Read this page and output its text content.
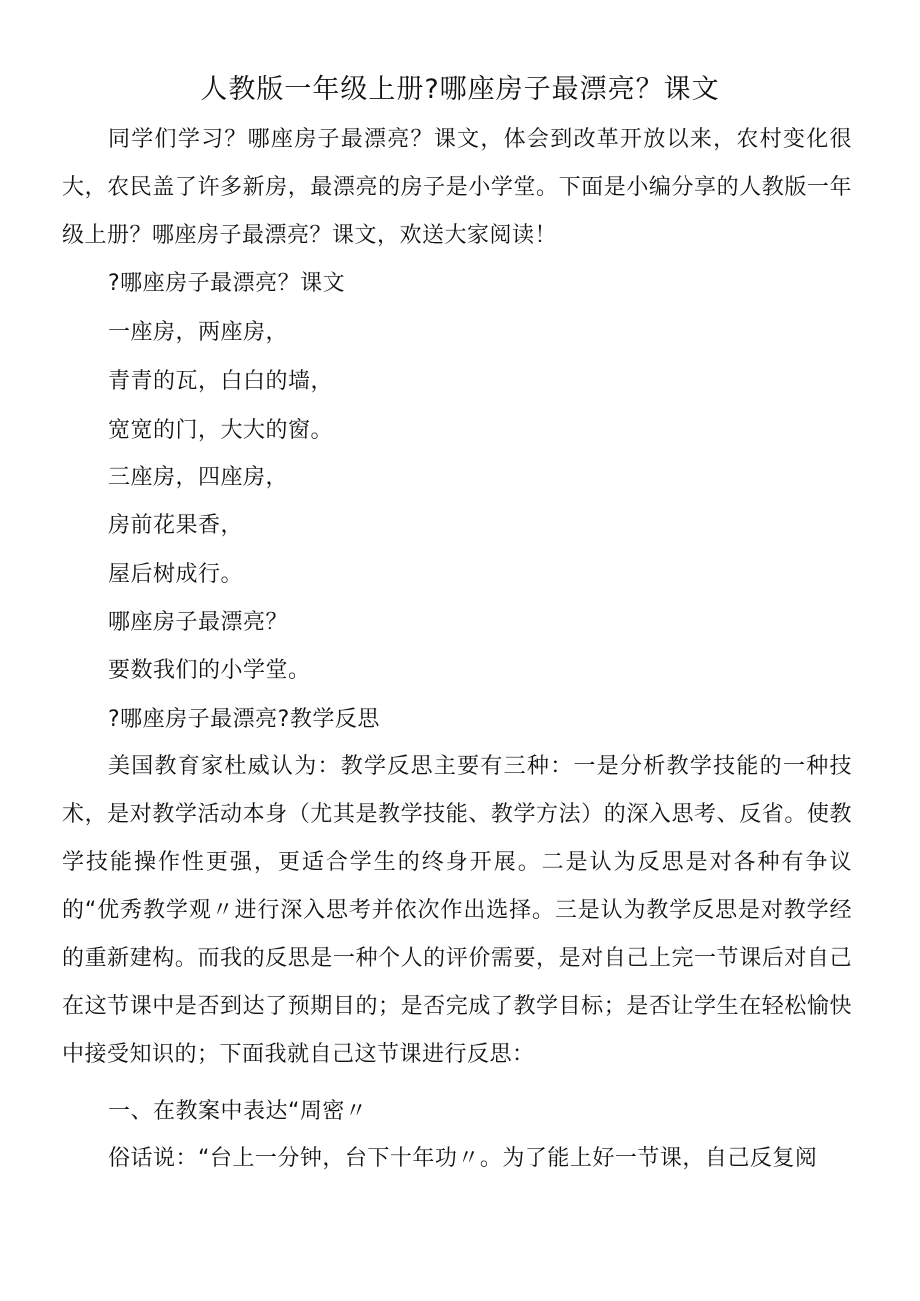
人教版一年级上册?哪座房子最漂亮？课文

同学们学习？哪座房子最漂亮？课文，体会到改革开放以来，农村变化很大，农民盖了许多新房，最漂亮的房子是小学堂。下面是小编分享的人教版一年级上册？哪座房子最漂亮？课文，欢送大家阅读！

?哪座房子最漂亮？课文

一座房，两座房，

青青的瓦，白白的墙，

宽宽的门，大大的窗。

三座房，四座房，

房前花果香，

屋后树成行。

哪座房子最漂亮？

要数我们的小学堂。

?哪座房子最漂亮?教学反思

美国教育家杜威认为：教学反思主要有三种：一是分析教学技能的一种技术，是对教学活动本身（尤其是教学技能、教学方法）的深入思考、反省。使教学技能操作性更强，更适合学生的终身开展。二是认为反思是对各种有争议的“优秀教学观〃进行深入思考并依次作出选择。三是认为教学反思是对教学经的重新建构。而我的反思是一种个人的评价需要，是对自己上完一节课后对自己在这节课中是否到达了预期目的；是否完成了教学目标；是否让学生在轻松愉快中接受知识的；下面我就自己这节课进行反思：

一、在教案中表达“周密〃

俗话说：“台上一分钟，台下十年功〃。为了能上好一节课，自己反复阅
